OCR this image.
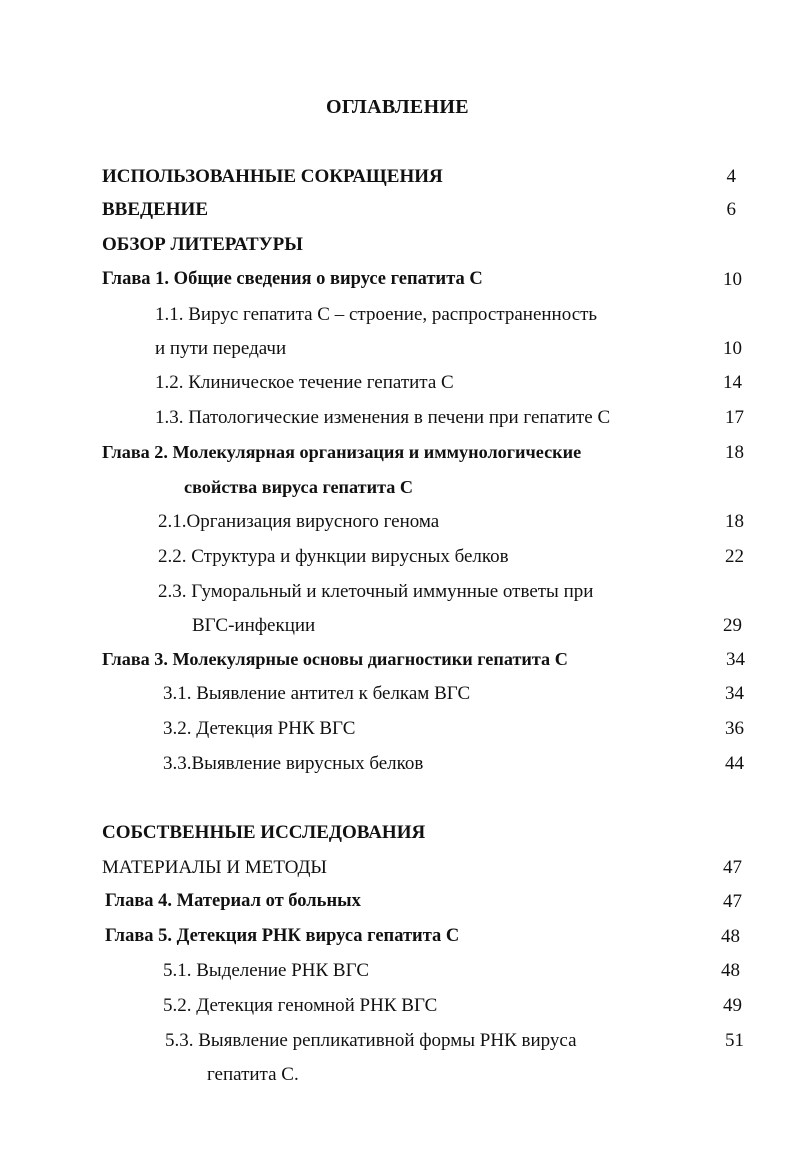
ОГЛАВЛЕНИЕ
ИСПОЛЬЗОВАННЫЕ СОКРАЩЕНИЯ	4
ВВЕДЕНИЕ	6
ОБЗОР ЛИТЕРАТУРЫ
Глава 1. Общие сведения о вирусе гепатита С	10
1.1. Вирус гепатита С – строение, распространенность
и пути передачи	10
1.2. Клиническое течение гепатита С	14
1.3. Патологические изменения в печени при гепатите С	17
Глава 2. Молекулярная организация и иммунологические	18
свойства вируса гепатита С
2.1.Организация вирусного генома	18
2.2. Структура и функции вирусных белков	22
2.3. Гуморальный и клеточный иммунные ответы при
ВГС-инфекции	29
Глава 3. Молекулярные основы диагностики гепатита С	34
3.1. Выявление антител к белкам ВГС	34
3.2. Детекция РНК ВГС	36
3.3.Выявление вирусных белков	44
СОБСТВЕННЫЕ ИССЛЕДОВАНИЯ
МАТЕРИАЛЫ И МЕТОДЫ	47
Глава 4. Материал от больных	47
Глава 5. Детекция РНК вируса гепатита С	48
5.1. Выделение РНК ВГС	48
5.2. Детекция геномной РНК ВГС	49
5.3. Выявление репликативной формы РНК вируса	51
гепатита С.
